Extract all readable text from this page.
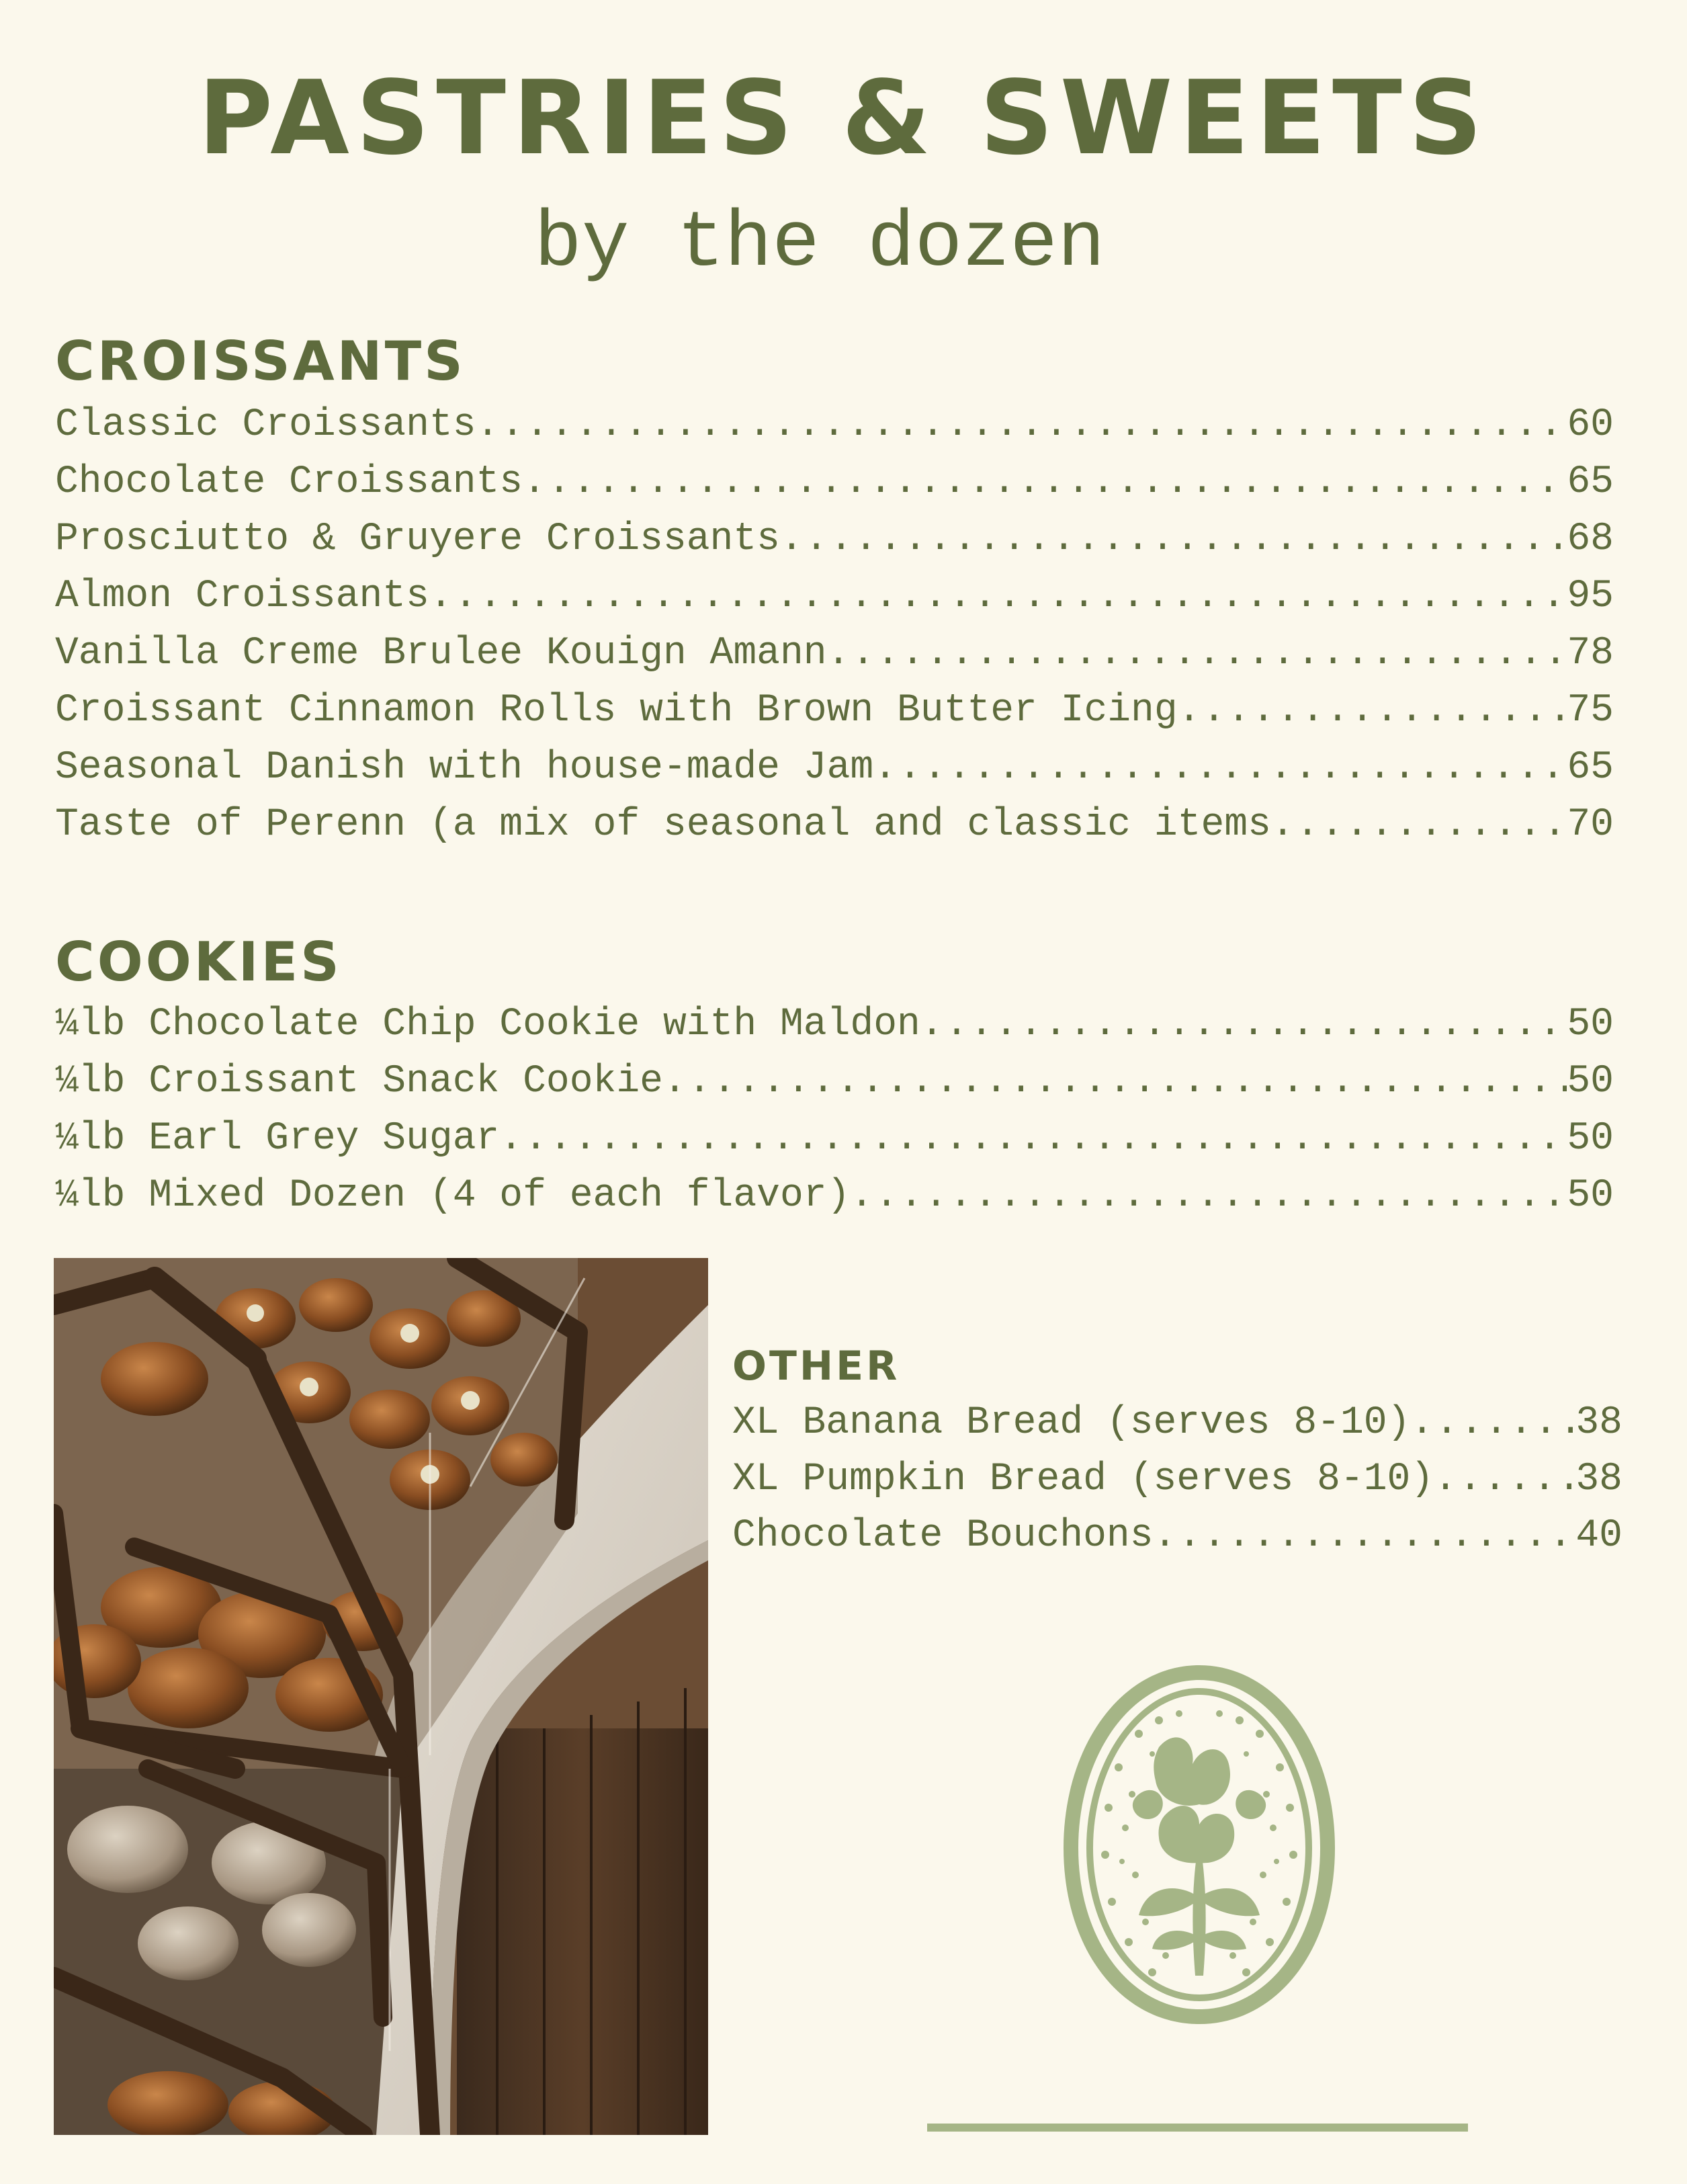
PASTRIES & SWEETS
by the dozen
CROISSANTS
Classic Croissants .....	60
Chocolate Croissants .....	65
Prosciutto & Gruyere Croissants .....	68
Almon Croissants .....	95
Vanilla Creme Brulee Kouign Amann .....	78
Croissant Cinnamon Rolls with Brown Butter Icing .....	75
Seasonal Danish with house-made Jam .....	65
Taste of Perenn (a mix of seasonal and classic items .....	70
COOKIES
¼lb Chocolate Chip Cookie with Maldon .....	50
¼lb Croissant Snack Cookie .....	50
¼lb Earl Grey Sugar .....	50
¼lb Mixed Dozen (4 of each flavor) .....	50
OTHER
XL Banana Bread (serves 8-10) .....	38
XL Pumpkin Bread (serves 8-10) .....	38
Chocolate Bouchons .....	40
